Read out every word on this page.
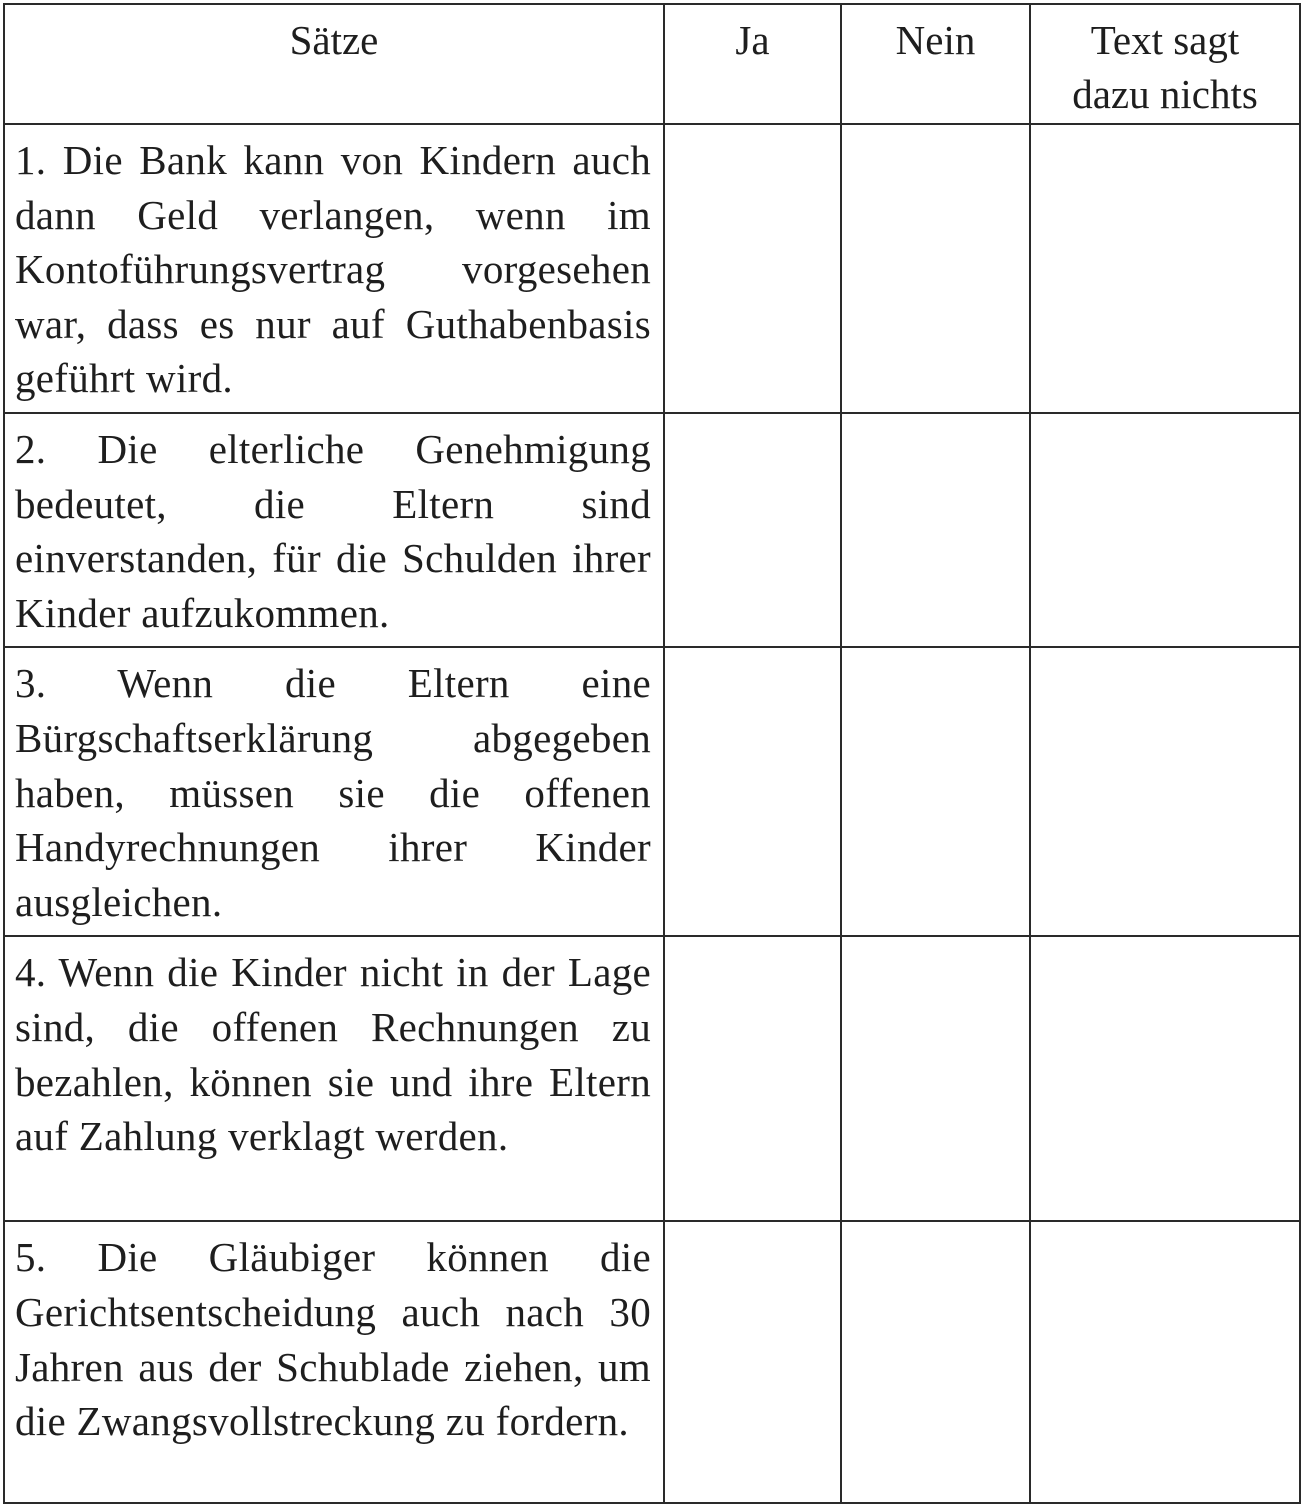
Sätze	Ja	Nein	Text sagt
dazu nichts

1. Die Bank kann von Kindern auch dann Geld verlangen, wenn im Kontoführungsvertrag vorgesehen war, dass es nur auf Guthabenbasis geführt wird.			
2. Die elterliche Genehmigung bedeutet, die Eltern sind einverstanden, für die Schulden ihrer Kinder aufzukommen.			
3. Wenn die Eltern eine Bürgschaftserklärung abgegeben haben, müssen sie die offenen Handyrechnungen ihrer Kinder ausgleichen.			
4. Wenn die Kinder nicht in der Lage sind, die offenen Rechnungen zu bezahlen, können sie und ihre Eltern auf Zahlung verklagt werden.			
5. Die Gläubiger können die Gerichtsentscheidung auch nach 30 Jahren aus der Schublade ziehen, um die Zwangsvollstreckung zu fordern.			
